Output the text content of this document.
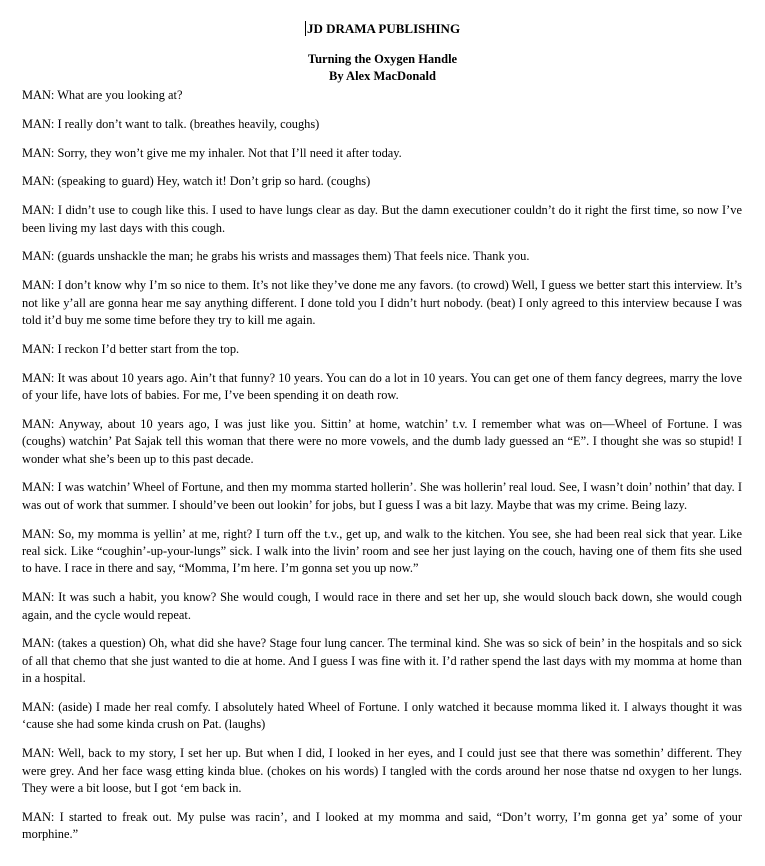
JD DRAMA PUBLISHING
Turning the Oxygen Handle
By Alex MacDonald

MAN: What are you looking at?

MAN: I really don’t want to talk. (breathes heavily, coughs)

MAN: Sorry, they won’t give me my inhaler. Not that I’ll need it after today.

MAN: (speaking to guard) Hey, watch it! Don’t grip so hard. (coughs)

MAN: I didn’t use to cough like this. I used to have lungs clear as day. But the damn executioner couldn’t do it right the first time, so now I’ve been living my last days with this cough.

MAN: (guards unshackle the man; he grabs his wrists and massages them) That feels nice. Thank you.

MAN: I don’t know why I’m so nice to them. It’s not like they’ve done me any favors. (to crowd) Well, I guess we better start this interview. It’s not like y’all are gonna hear me say anything different. I done told you I didn’t hurt nobody. (beat) I only agreed to this interview because I was told it’d buy me some time before they try to kill me again.

MAN: I reckon I’d better start from the top.

MAN: It was about 10 years ago. Ain’t that funny? 10 years. You can do a lot in 10 years. You can get one of them fancy degrees, marry the love of your life, have lots of babies. For me, I’ve been spending it on death row.

MAN: Anyway, about 10 years ago, I was just like you. Sittin’ at home, watchin’ t.v. I remember what was on—Wheel of Fortune. I was (coughs) watchin’ Pat Sajak tell this woman that there were no more vowels, and the dumb lady guessed an “E”. I thought she was so stupid! I wonder what she’s been up to this past decade.

MAN: I was watchin’ Wheel of Fortune, and then my momma started hollerin’. She was hollerin’ real loud. See, I wasn’t doin’ nothin’ that day. I was out of work that summer. I should’ve been out lookin’ for jobs, but I guess I was a bit lazy. Maybe that was my crime. Being lazy.

MAN: So, my momma is yellin’ at me, right? I turn off the t.v., get up, and walk to the kitchen. You see, she had been real sick that year. Like real sick. Like “coughin’-up-your-lungs” sick. I walk into the livin’ room and see her just laying on the couch, having one of them fits she used to have. I race in there and say, “Momma, I’m here. I’m gonna set you up now.”

MAN: It was such a habit, you know? She would cough, I would race in there and set her up, she would slouch back down, she would cough again, and the cycle would repeat.

MAN: (takes a question) Oh, what did she have? Stage four lung cancer. The terminal kind. She was so sick of bein’ in the hospitals and so sick of all that chemo that she just wanted to die at home. And I guess I was fine with it. I’d rather spend the last days with my momma at home than in a hospital.

MAN: (aside) I made her real comfy. I absolutely hated Wheel of Fortune. I only watched it because momma liked it. I always thought it was ‘cause she had some kinda crush on Pat. (laughs)

MAN: Well, back to my story, I set her up. But when I did, I looked in her eyes, and I could just see that there was somethin’ different. They were grey. And her face wasg etting kinda blue. (chokes on his words) I tangled with the cords around her nose thatse nd oxygen to her lungs. They were a bit loose, but I got ‘em back in.

MAN: I started to freak out. My pulse was racin’, and I looked at my momma and said, “Don’t worry, I’m gonna get ya’ some of your morphine.”
